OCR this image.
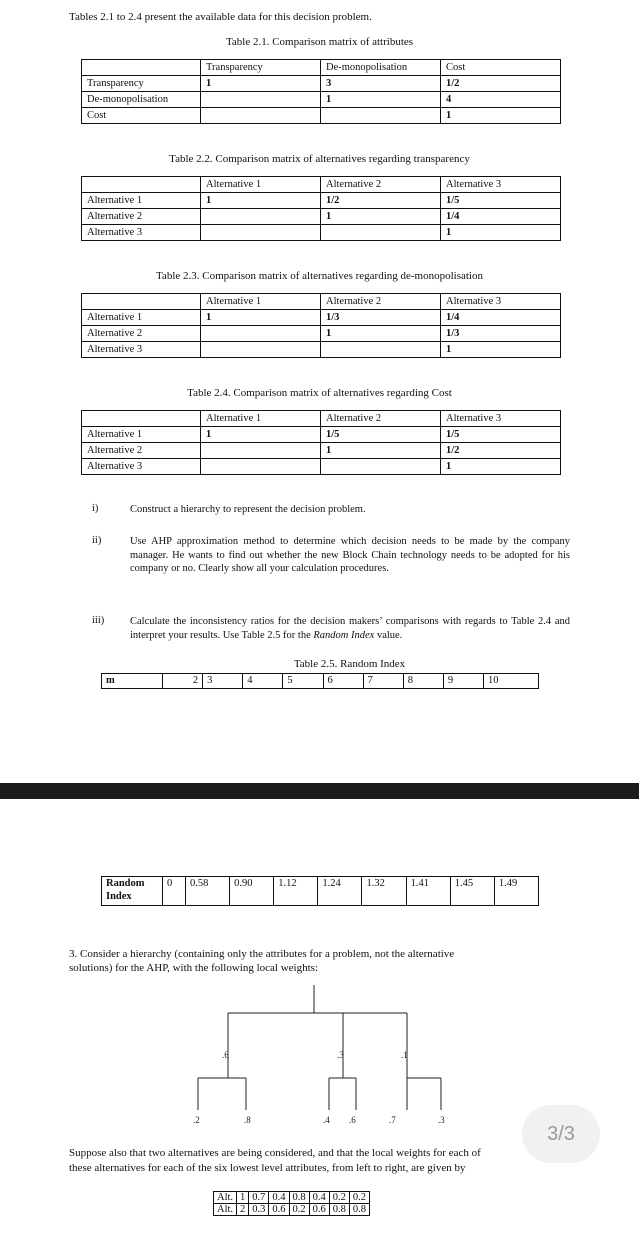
Tables 2.1 to 2.4 present the available data for this decision problem.
Table 2.1. Comparison matrix of attributes
	Transparency	De-monopolisation	Cost
Transparency	1	3	1/2
De-monopolisation		1	4
Cost			1
Table 2.2. Comparison matrix of alternatives regarding transparency
	Alternative 1	Alternative 2	Alternative 3
Alternative 1	1	1/2	1/5
Alternative 2		1	1/4
Alternative 3			1
Table 2.3. Comparison matrix of alternatives regarding de-monopolisation
	Alternative 1	Alternative 2	Alternative 3
Alternative 1	1	1/3	1/4
Alternative 2		1	1/3
Alternative 3			1
Table 2.4. Comparison matrix of alternatives regarding Cost
	Alternative 1	Alternative 2	Alternative 3
Alternative 1	1	1/5	1/5
Alternative 2		1	1/2
Alternative 3			1
i)	Construct a hierarchy to represent the decision problem.
ii)	Use AHP approximation method to determine which decision needs to be made by the company manager. He wants to find out whether the new Block Chain technology needs to be adopted for his company or no. Clearly show all your calculation procedures.
iii) Calculate the inconsistency ratios for the decision makers’ comparisons with regards to Table 2.4 and interpret your results. Use Table 2.5 for the Random Index value.
Table 2.5. Random Index
m	2	3	4	5	6	7	8	9	10
Random
Index	0	0.58	0.90	1.12	1.24	1.32	1.41	1.45	1.49
3. Consider a hierarchy (containing only the attributes for a problem, not the alternative
solutions) for the AHP, with the following local weights:
.6	.3	.1
.2	.8	.4 .6	.7	.3
Suppose also that two alternatives are being considered, and that the local weights for each of
these alternatives for each of the six lowest level attributes, from left to right, are given by
Alt.	1	0.7	0.4	0.8	0.4	0.2	0.2
Alt.	2	0.3	0.6	0.2	0.6	0.8	0.8
3/3
